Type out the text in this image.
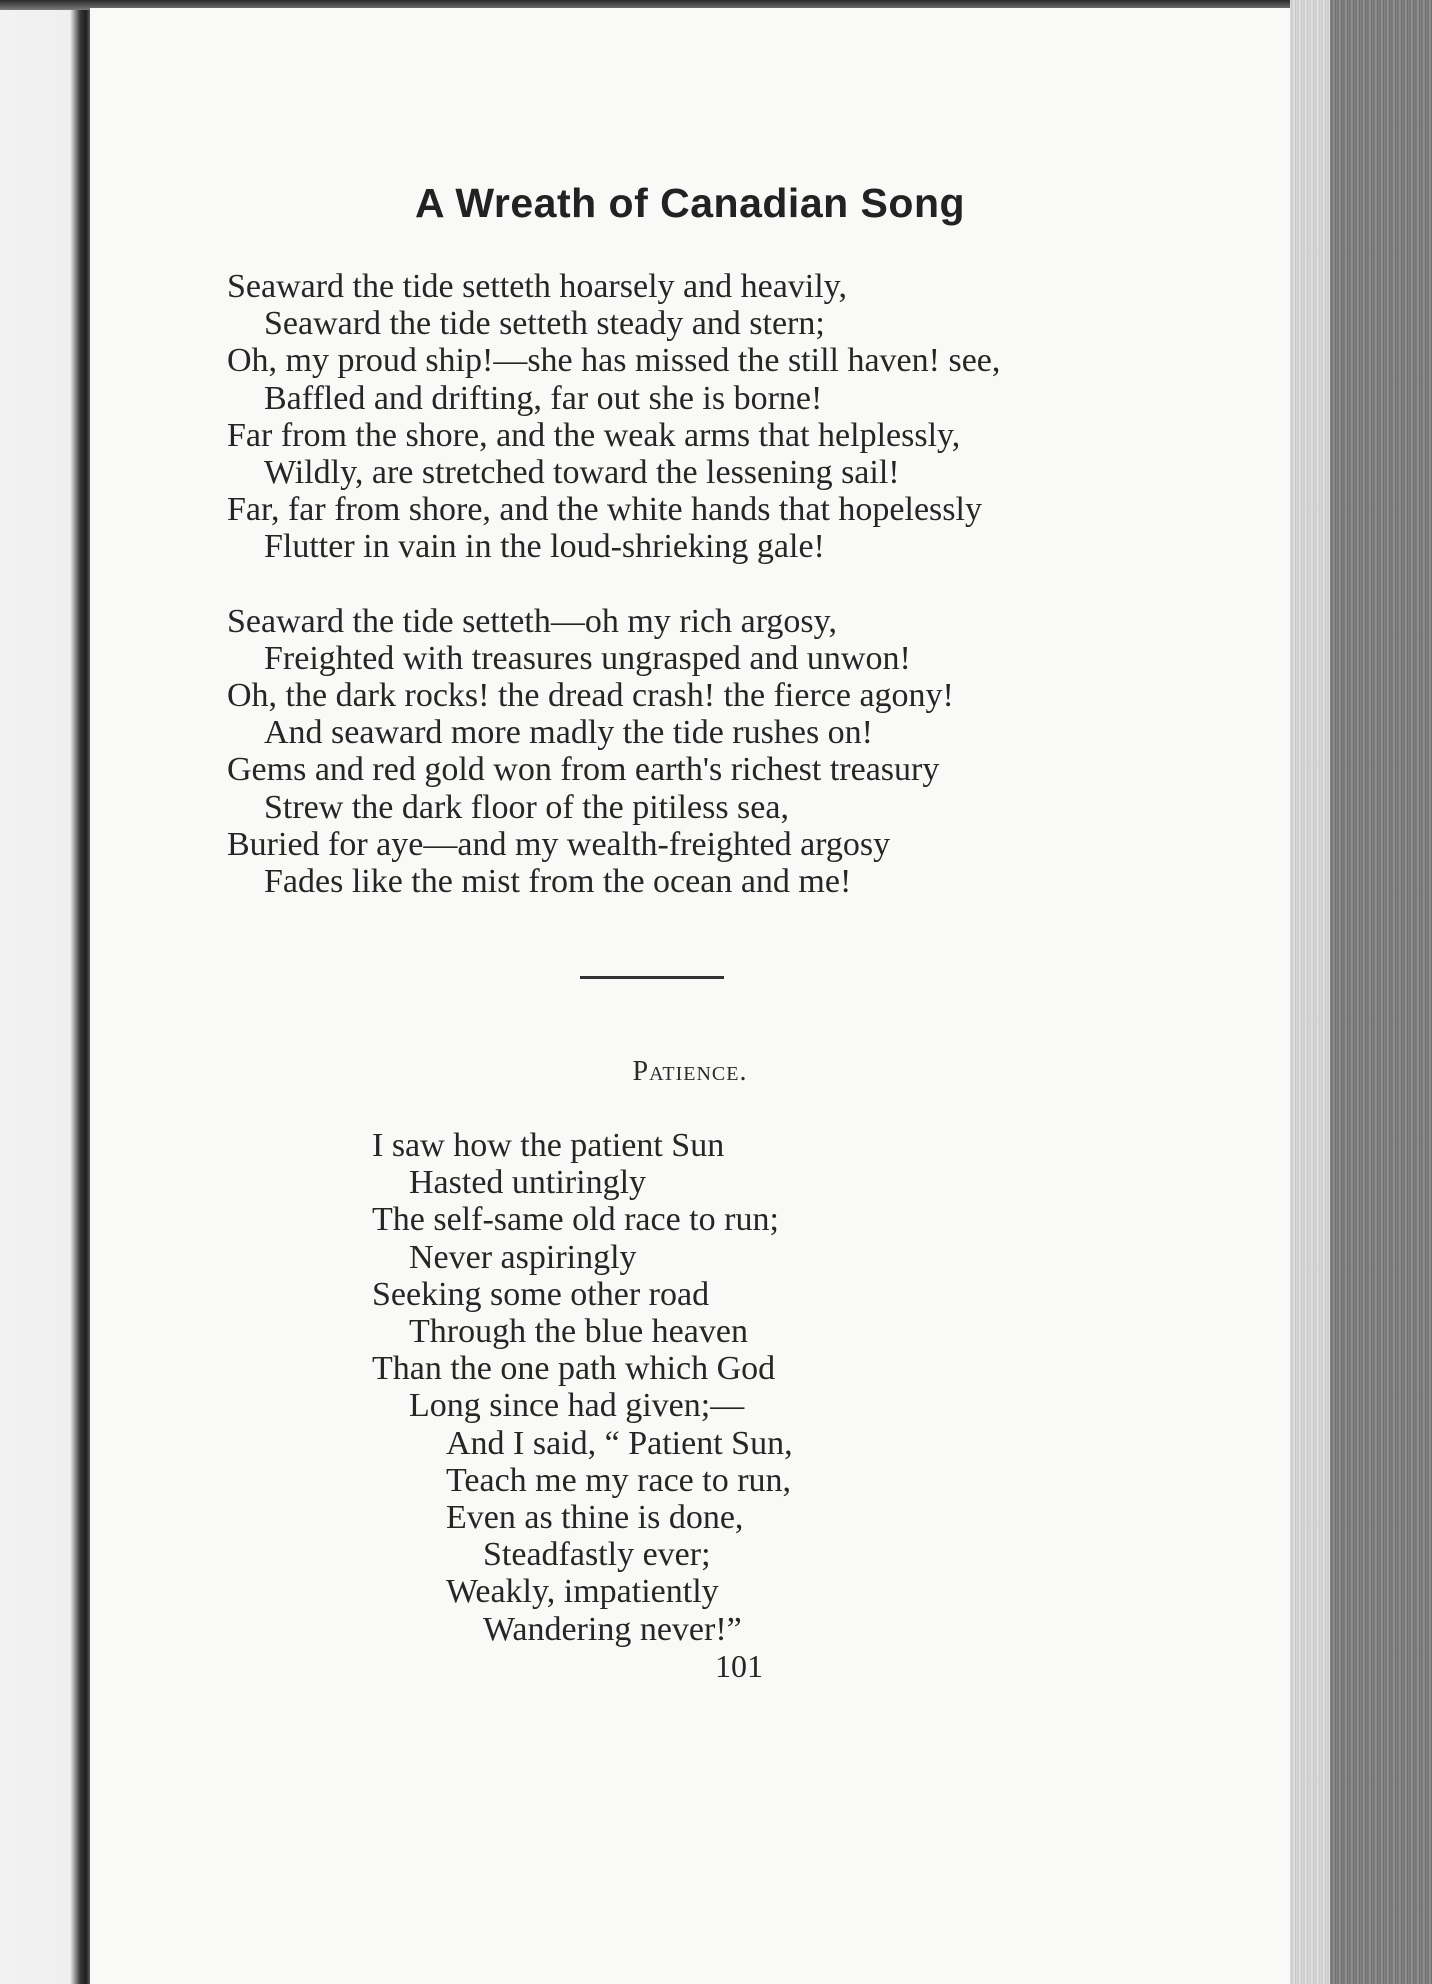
A Wreath of Canadian Song
Seaward the tide setteth hoarsely and heavily,
Seaward the tide setteth steady and stern;
Oh, my proud ship!—she has missed the still haven! see,
Baffled and drifting, far out she is borne!
Far from the shore, and the weak arms that helplessly,
Wildly, are stretched toward the lessening sail!
Far, far from shore, and the white hands that hopelessly
Flutter in vain in the loud-shrieking gale!
Seaward the tide setteth—oh my rich argosy,
Freighted with treasures ungrasped and unwon!
Oh, the dark rocks! the dread crash! the fierce agony!
And seaward more madly the tide rushes on!
Gems and red gold won from earth's richest treasury
Strew the dark floor of the pitiless sea,
Buried for aye—and my wealth-freighted argosy
Fades like the mist from the ocean and me!
Patience.
I saw how the patient Sun
Hasted untiringly
The self-same old race to run;
Never aspiringly
Seeking some other road
Through the blue heaven
Than the one path which God
Long since had given;—
And I said, “ Patient Sun,
Teach me my race to run,
Even as thine is done,
Steadfastly ever;
Weakly, impatiently
Wandering never!”
101
